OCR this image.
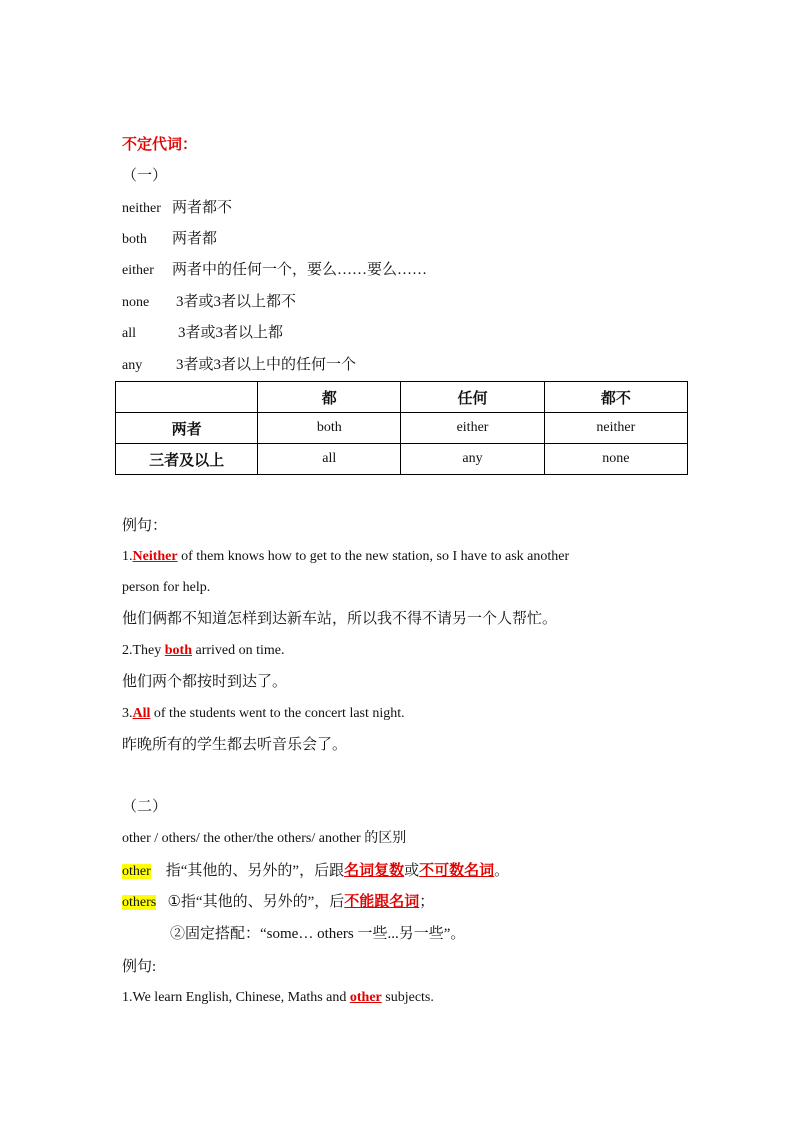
不定代词：
（一）
neither 两者都不
both 两者都
either 两者中的任何一个，要么……要么……
none 3者或3者以上都不
all	3者或3者以上都
any 3者或3者以上中的任何一个
	都	任何	都不
两者	both	either	neither
三者及以上	all	any	none
例句：
1.Neither of them knows how to get to the new station, so I have to ask another
person for help.
他们俩都不知道怎样到达新车站，所以我不得不请另一个人帮忙。
2.They both arrived on time.
他们两个都按时到达了。
3.All of the students went to the concert last night.
昨晚所有的学生都去听音乐会了。
（二）
other / others/ the other/the others/ another 的区别
other    指“其他的、另外的”，后跟名词复数或不可数名词。
others   ①指“其他的、另外的”，后不能跟名词；
②固定搭配：“some… others 一些...另一些”。
例句:
1.We learn English, Chinese, Maths and other subjects.
